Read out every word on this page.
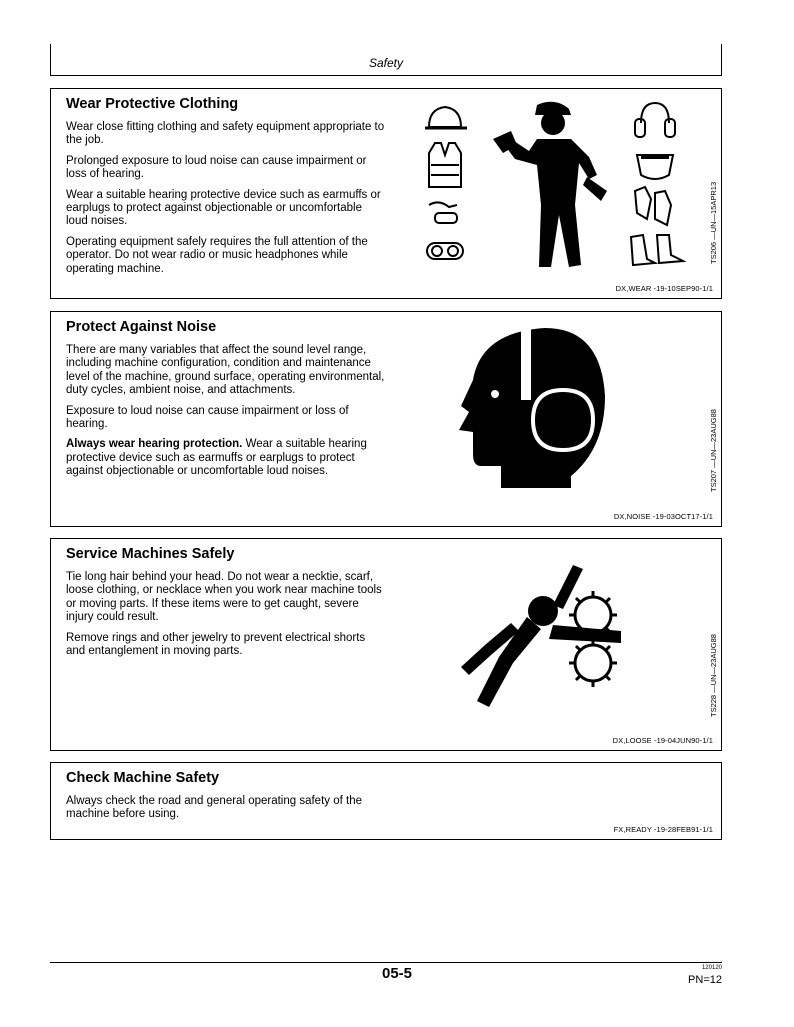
Safety
Wear Protective Clothing

Wear close fitting clothing and safety equipment appropriate to the job.

Prolonged exposure to loud noise can cause impairment or loss of hearing.

Wear a suitable hearing protective device such as earmuffs or earplugs to protect against objectionable or uncomfortable loud noises.

Operating equipment safely requires the full attention of the operator. Do not wear radio or music headphones while operating machine.

TS206 —UN—15APR13
DX,WEAR -19-10SEP90-1/1
Protect Against Noise

There are many variables that affect the sound level range, including machine configuration, condition and maintenance level of the machine, ground surface, operating environmental, duty cycles, ambient noise, and attachments.

Exposure to loud noise can cause impairment or loss of hearing.

Always wear hearing protection. Wear a suitable hearing protective device such as earmuffs or earplugs to protect against objectionable or uncomfortable loud noises.	TS207 —UN—23AUG88
DX,NOISE -19-03OCT17-1/1
Service Machines Safely

Tie long hair behind your head. Do not wear a necktie, scarf, loose clothing, or necklace when you work near machine tools or moving parts. If these items were to get caught, severe injury could result.

Remove rings and other jewelry to prevent electrical shorts and entanglement in moving parts.	TS228 —UN—23AUG88
DX,LOOSE -19-04JUN90-1/1
Check Machine Safety

Always check the road and general operating safety of the machine before using.

FX,READY -19-28FEB91-1/1
05-5	120120
PN=12
